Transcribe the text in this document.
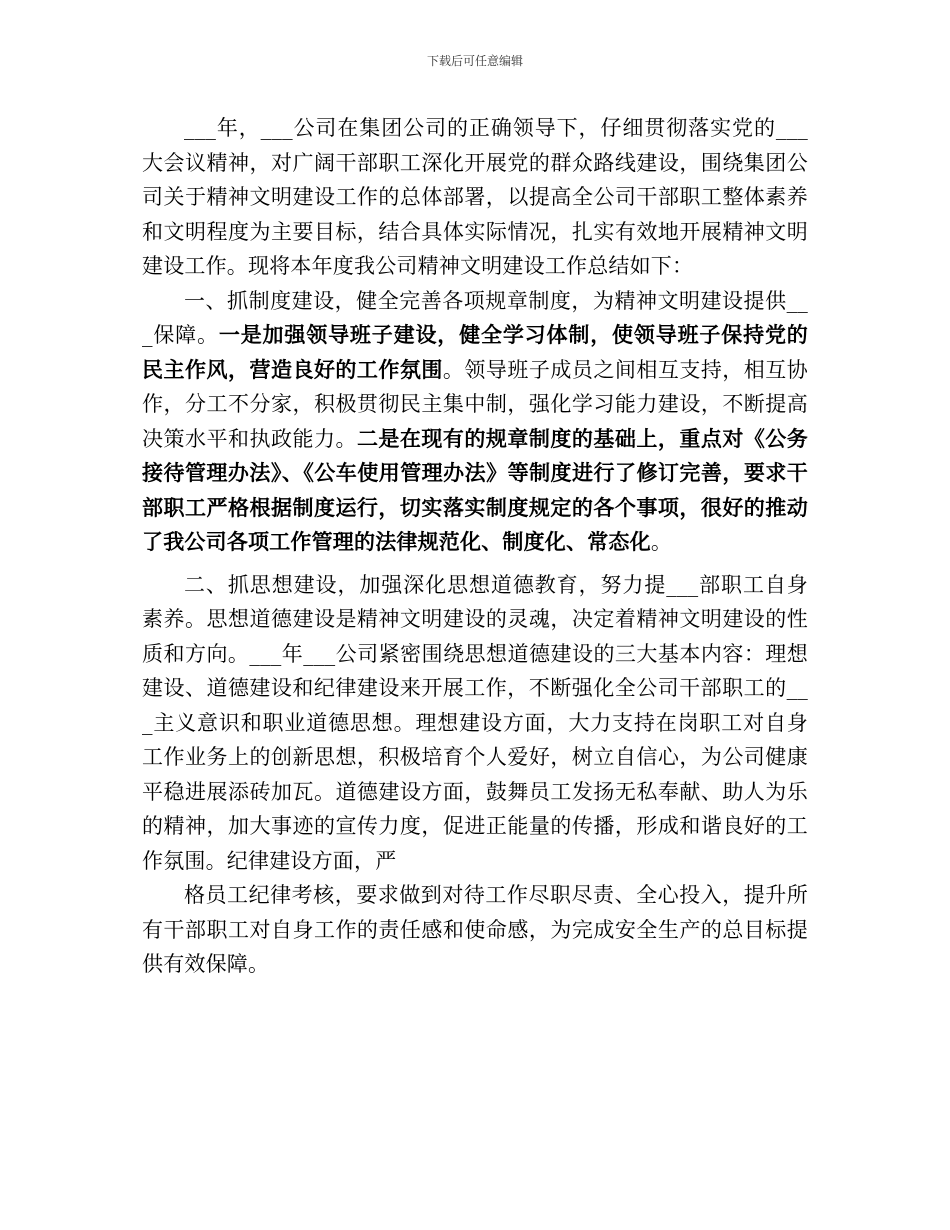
下载后可任意编辑

___年，___公司在集团公司的正确领导下，仔细贯彻落实党的___大会议精神，对广阔干部职工深化开展党的群众路线建设，围绕集团公司关于精神文明建设工作的总体部署，以提高全公司干部职工整体素养和文明程度为主要目标，结合具体实际情况，扎实有效地开展精神文明建设工作。现将本年度我公司精神文明建设工作总结如下：

一、抓制度建设，健全完善各项规章制度，为精神文明建设提供___保障。一是加强领导班子建设，健全学习体制，使领导班子保持党的民主作风，营造良好的工作氛围。领导班子成员之间相互支持，相互协作，分工不分家，积极贯彻民主集中制，强化学习能力建设，不断提高决策水平和执政能力。二是在现有的规章制度的基础上，重点对《公务接待管理办法》、《公车使用管理办法》等制度进行了修订完善，要求干部职工严格根据制度运行，切实落实制度规定的各个事项，很好的推动了我公司各项工作管理的法律规范化、制度化、常态化。

二、抓思想建设，加强深化思想道德教育，努力提___部职工自身素养。思想道德建设是精神文明建设的灵魂，决定着精神文明建设的性质和方向。___年___公司紧密围绕思想道德建设的三大基本内容：理想建设、道德建设和纪律建设来开展工作，不断强化全公司干部职工的___主义意识和职业道德思想。理想建设方面，大力支持在岗职工对自身工作业务上的创新思想，积极培育个人爱好，树立自信心，为公司健康平稳进展添砖加瓦。道德建设方面，鼓舞员工发扬无私奉献、助人为乐的精神，加大事迹的宣传力度，促进正能量的传播，形成和谐良好的工作氛围。纪律建设方面，严

格员工纪律考核，要求做到对待工作尽职尽责、全心投入，提升所有干部职工对自身工作的责任感和使命感，为完成安全生产的总目标提供有效保障。
